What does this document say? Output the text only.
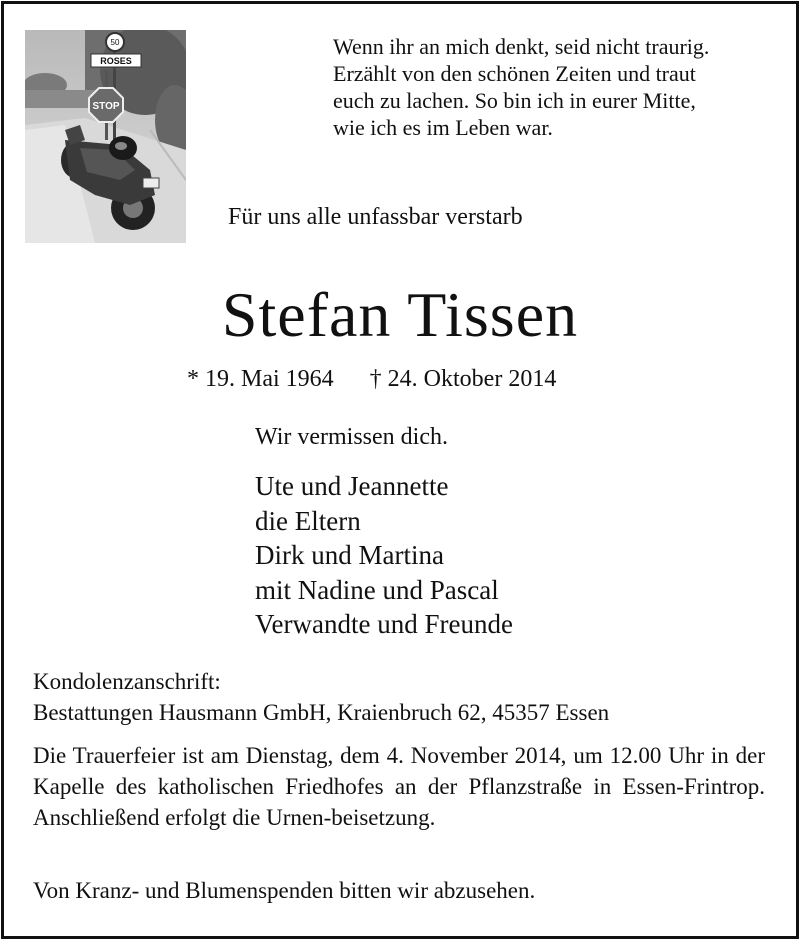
50
ROSES
STOP
Wenn ihr an mich denkt, seid nicht traurig.
Erzählt von den schönen Zeiten und traut
euch zu lachen. So bin ich in eurer Mitte,
wie ich es im Leben war.
Für uns alle unfassbar verstarb
Stefan Tissen
* 19. Mai 1964 † 24. Oktober 2014
Wir vermissen dich.
Ute und Jeannette
die Eltern
Dirk und Martina
mit Nadine und Pascal
Verwandte und Freunde
Kondolenzanschrift:
Bestattungen Hausmann GmbH, Kraienbruch 62, 45357 Essen
Die Trauerfeier ist am Dienstag, dem 4. November 2014, um 12.00 Uhr in der Kapelle des katholischen Friedhofes an der Pflanzstraße in Essen-Frintrop. Anschließend erfolgt die Urnen-beisetzung.
Von Kranz- und Blumenspenden bitten wir abzusehen.
